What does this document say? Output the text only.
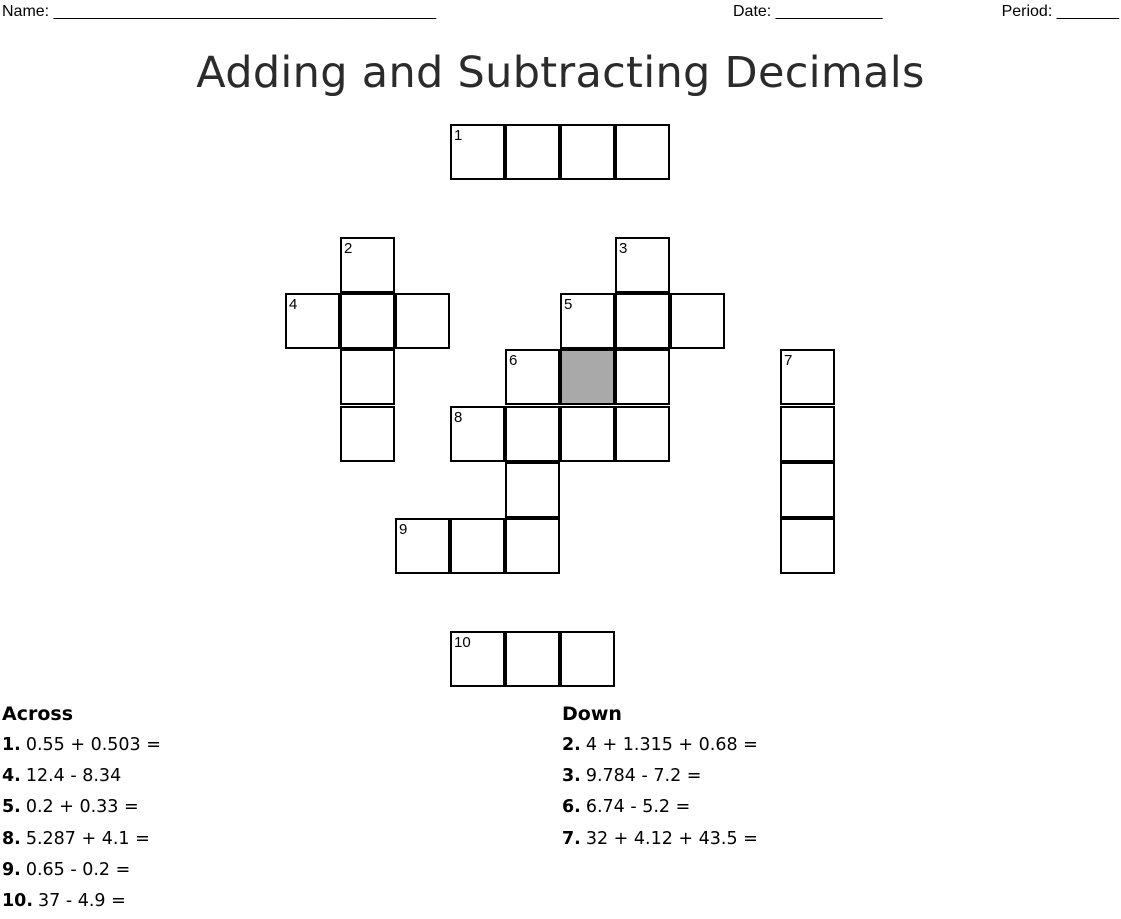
Name: ___________________________________________	Date: ____________	Period: _______
Adding and Subtracting Decimals
1
2	3
4	5
6	7
8
9
10
Across
1. 0.55 + 0.503 =
4. 12.4 - 8.34
5. 0.2 + 0.33 =
8. 5.287 + 4.1 =
9. 0.65 - 0.2 =
10. 37 - 4.9 =
Down
2. 4 + 1.315 + 0.68 =
3. 9.784 - 7.2 =
6. 6.74 - 5.2 =
7. 32 + 4.12 + 43.5 =
